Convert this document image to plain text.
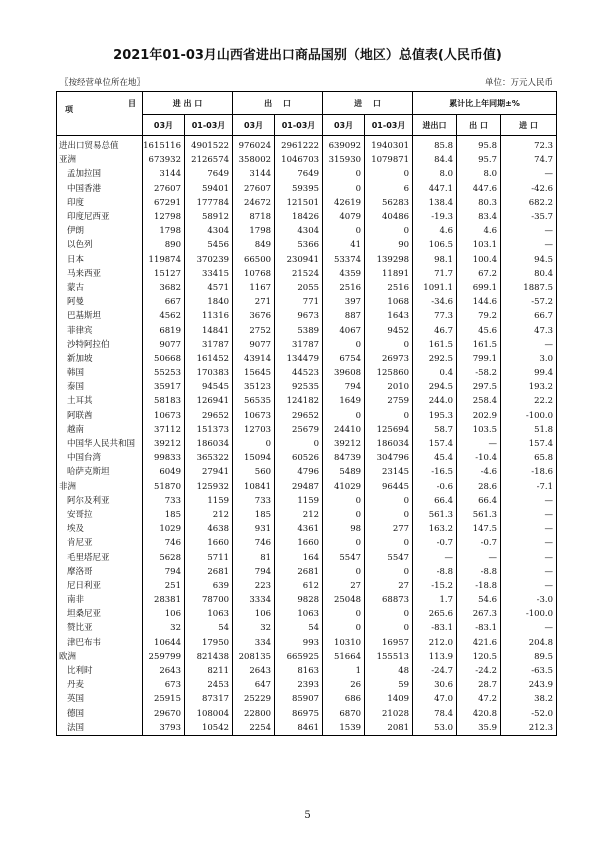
2021年01-03月山西省进出口商品国别（地区）总值表(人民币值)
〖按经营单位所在地〗	单位：万元人民币
项
目	进 出 口		出　 口		进　 口		累计比上年同期±%		
	03月	01-03月	03月	01-03月	03月	01-03月	进出口	出 口	进 口
进出口贸易总值	1615116	4901522	976024	2961222	639092	1940301	85.8	95.8	72.3
亚洲	673932	2126574	358002	1046703	315930	1079871	84.4	95.7	74.7
孟加拉国	3144	7649	3144	7649	0	0	8.0	8.0	—
中国香港	27607	59401	27607	59395	0	6	447.1	447.6	-42.6
印度	67291	177784	24672	121501	42619	56283	138.4	80.3	682.2
印度尼西亚	12798	58912	8718	18426	4079	40486	-19.3	83.4	-35.7
伊朗	1798	4304	1798	4304	0	0	4.6	4.6	—
以色列	890	5456	849	5366	41	90	106.5	103.1	—
日本	119874	370239	66500	230941	53374	139298	98.1	100.4	94.5
马来西亚	15127	33415	10768	21524	4359	11891	71.7	67.2	80.4
蒙古	3682	4571	1167	2055	2516	2516	1091.1	699.1	1887.5
阿曼	667	1840	271	771	397	1068	-34.6	144.6	-57.2
巴基斯坦	4562	11316	3676	9673	887	1643	77.3	79.2	66.7
菲律宾	6819	14841	2752	5389	4067	9452	46.7	45.6	47.3
沙特阿拉伯	9077	31787	9077	31787	0	0	161.5	161.5	—
新加坡	50668	161452	43914	134479	6754	26973	292.5	799.1	3.0
韩国	55253	170383	15645	44523	39608	125860	0.4	-58.2	99.4
泰国	35917	94545	35123	92535	794	2010	294.5	297.5	193.2
土耳其	58183	126941	56535	124182	1649	2759	244.0	258.4	22.2
阿联酋	10673	29652	10673	29652	0	0	195.3	202.9	-100.0
越南	37112	151373	12703	25679	24410	125694	58.7	103.5	51.8
中国华人民共和国	39212	186034	0	0	39212	186034	157.4	—	157.4
中国台湾	99833	365322	15094	60526	84739	304796	45.4	-10.4	65.8
哈萨克斯坦	6049	27941	560	4796	5489	23145	-16.5	-4.6	-18.6
非洲	51870	125932	10841	29487	41029	96445	-0.6	28.6	-7.1
阿尔及利亚	733	1159	733	1159	0	0	66.4	66.4	—
安哥拉	185	212	185	212	0	0	561.3	561.3	—
埃及	1029	4638	931	4361	98	277	163.2	147.5	—
肯尼亚	746	1660	746	1660	0	0	-0.7	-0.7	—
毛里塔尼亚	5628	5711	81	164	5547	5547	—	—	—
摩洛哥	794	2681	794	2681	0	0	-8.8	-8.8	—
尼日利亚	251	639	223	612	27	27	-15.2	-18.8	—
南非	28381	78700	3334	9828	25048	68873	1.7	54.6	-3.0
坦桑尼亚	106	1063	106	1063	0	0	265.6	267.3	-100.0
赞比亚	32	54	32	54	0	0	-83.1	-83.1	—
津巴布韦	10644	17950	334	993	10310	16957	212.0	421.6	204.8
欧洲	259799	821438	208135	665925	51664	155513	113.9	120.5	89.5
比利时	2643	8211	2643	8163	1	48	-24.7	-24.2	-63.5
丹麦	673	2453	647	2393	26	59	30.6	28.7	243.9
英国	25915	87317	25229	85907	686	1409	47.0	47.2	38.2
德国	29670	108004	22800	86975	6870	21028	78.4	420.8	-52.0
法国	3793	10542	2254	8461	1539	2081	53.0	35.9	212.3
5
